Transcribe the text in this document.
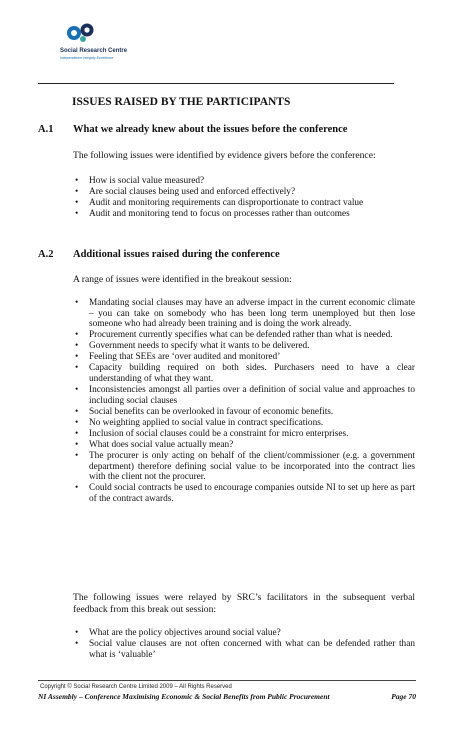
Social Research Centre
Independence Integrity Excellence
ISSUES RAISED BY THE PARTICIPANTS
A.1 What we already knew about the issues before the conference
The following issues were identified by evidence givers before the conference:
• How is social value measured?
• Are social clauses being used and enforced effectively?
• Audit and monitoring requirements can disproportionate to contract value
• Audit and monitoring tend to focus on processes rather than outcomes
A.2 Additional issues raised during the conference
A range of issues were identified in the breakout session:
• Mandating social clauses may have an adverse impact in the current economic climate – you can take on somebody who has been long term unemployed but then lose someone who had already been training and is doing the work already.
• Procurement currently specifies what can be defended rather than what is needed.
• Government needs to specify what it wants to be delivered.
• Feeling that SEEs are ‘over audited and monitored’
• Capacity building required on both sides. Purchasers need to have a clear understanding of what they want.
• Inconsistencies amongst all parties over a definition of social value and approaches to including social clauses
• Social benefits can be overlooked in favour of economic benefits.
• No weighting applied to social value in contract specifications.
• Inclusion of social clauses could be a constraint for micro enterprises.
• What does social value actually mean?
• The procurer is only acting on behalf of the client/commissioner (e.g. a government department) therefore defining social value to be incorporated into the contract lies with the client not the procurer.
• Could social contracts be used to encourage companies outside NI to set up here as part of the contract awards.
The following issues were relayed by SRC’s facilitators in the subsequent verbal feedback from this break out session:
• What are the policy objectives around social value?
• Social value clauses are not often concerned with what can be defended rather than what is ‘valuable’
Copyright © Social Research Centre Limited 2009 – All Rights Reserved
NI Assembly – Conference Maximising Economic & Social Benefits from Public Procurement	Page 70
